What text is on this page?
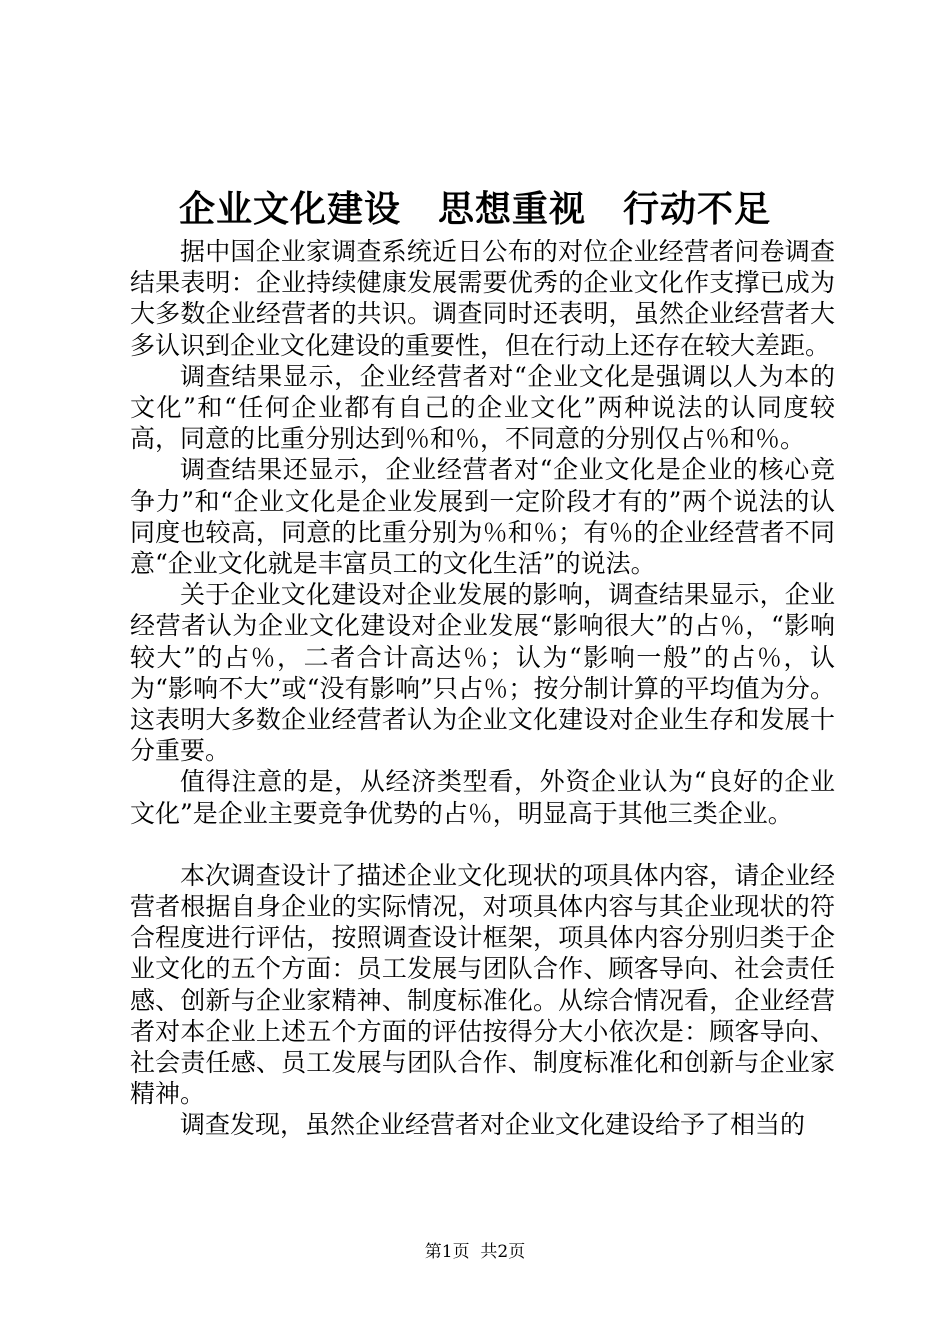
企业文化建设　思想重视　行动不足

据中国企业家调查系统近日公布的对位企业经营者问卷调查结果表明：企业持续健康发展需要优秀的企业文化作支撑已成为大多数企业经营者的共识。调查同时还表明，虽然企业经营者大多认识到企业文化建设的重要性，但在行动上还存在较大差距。

调查结果显示，企业经营者对“企业文化是强调以人为本的文化”和“任何企业都有自己的企业文化”两种说法的认同度较高，同意的比重分别达到％和％，不同意的分别仅占％和％。

调查结果还显示，企业经营者对“企业文化是企业的核心竞争力”和“企业文化是企业发展到一定阶段才有的”两个说法的认同度也较高，同意的比重分别为％和％；有％的企业经营者不同意“企业文化就是丰富员工的文化生活”的说法。

关于企业文化建设对企业发展的影响，调查结果显示，企业经营者认为企业文化建设对企业发展“影响很大”的占％，“影响较大”的占％，二者合计高达％；认为“影响一般”的占％，认为“影响不大”或“没有影响”只占％；按分制计算的平均值为分。这表明大多数企业经营者认为企业文化建设对企业生存和发展十分重要。

值得注意的是，从经济类型看，外资企业认为“良好的企业文化”是企业主要竞争优势的占％，明显高于其他三类企业。

本次调查设计了描述企业文化现状的项具体内容，请企业经营者根据自身企业的实际情况，对项具体内容与其企业现状的符合程度进行评估，按照调查设计框架，项具体内容分别归类于企业文化的五个方面：员工发展与团队合作、顾客导向、社会责任感、创新与企业家精神、制度标准化。从综合情况看，企业经营者对本企业上述五个方面的评估按得分大小依次是：顾客导向、社会责任感、员工发展与团队合作、制度标准化和创新与企业家精神。

调查发现，虽然企业经营者对企业文化建设给予了相当的

第1页  共2页
